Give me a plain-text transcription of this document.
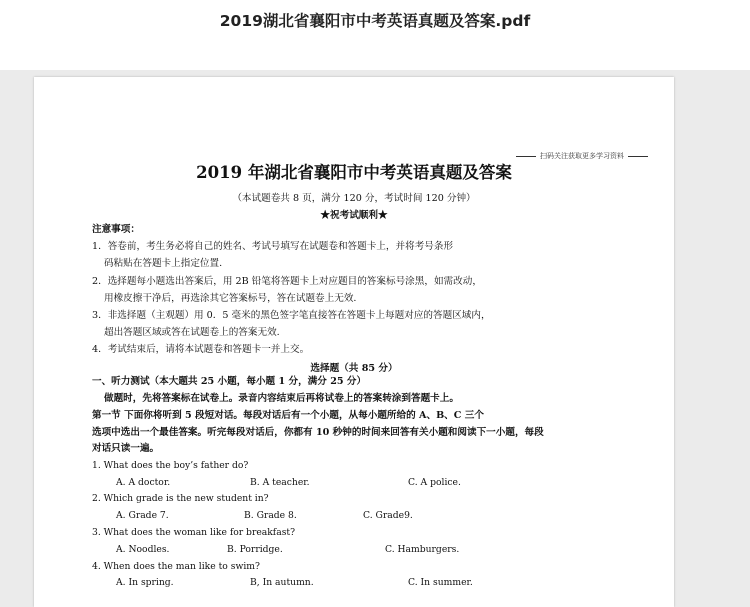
2019湖北省襄阳市中考英语真题及答案.pdf
扫码关注获取更多学习资料
2019 年湖北省襄阳市中考英语真题及答案
（本试题卷共 8 页，满分 120 分，考试时间 120 分钟）
★祝考试顺利★
注意事项：
1．答卷前，考生务必将自己的姓名、考试号填写在试题卷和答题卡上，并将考号条形
码粘贴在答题卡上指定位置.
2．选择题每小题选出答案后，用 2B 铅笔将答题卡上对应题目的答案标号涂黑，如需改动，
用橡皮擦干净后，再选涂其它答案标号，答在试题卷上无效.
3．非选择题（主观题）用 0．5 毫米的黑色签字笔直接答在答题卡上每题对应的答题区域内，
超出答题区域或答在试题卷上的答案无效.
4．考试结束后，请将本试题卷和答题卡一并上交。
选择题（共 85 分）
一、听力测试（本大题共 25 小题，每小题 1 分，满分 25 分）
做题时，先将答案标在试卷上。录音内容结束后再将试卷上的答案转涂到答题卡上。
第一节 下面你将听到 5 段短对话。每段对话后有一个小题，从每小题所给的 A、B、C 三个
选项中选出一个最佳答案。听完每段对话后，你都有 10 秒钟的时间来回答有关小题和阅读下一小题，每段
对话只读一遍。
1. What does the boy’s father do?
A. A doctor.	B. A teacher.	C. A police.
2. Which grade is the new student in?
A. Grade 7.	B. Grade 8.	C. Grade9.
3. What does the woman like for breakfast?
A. Noodles.	B. Porridge.	C. Hamburgers.
4. When does the man like to swim?
A. In spring.	B, In autumn.	C. In summer.
